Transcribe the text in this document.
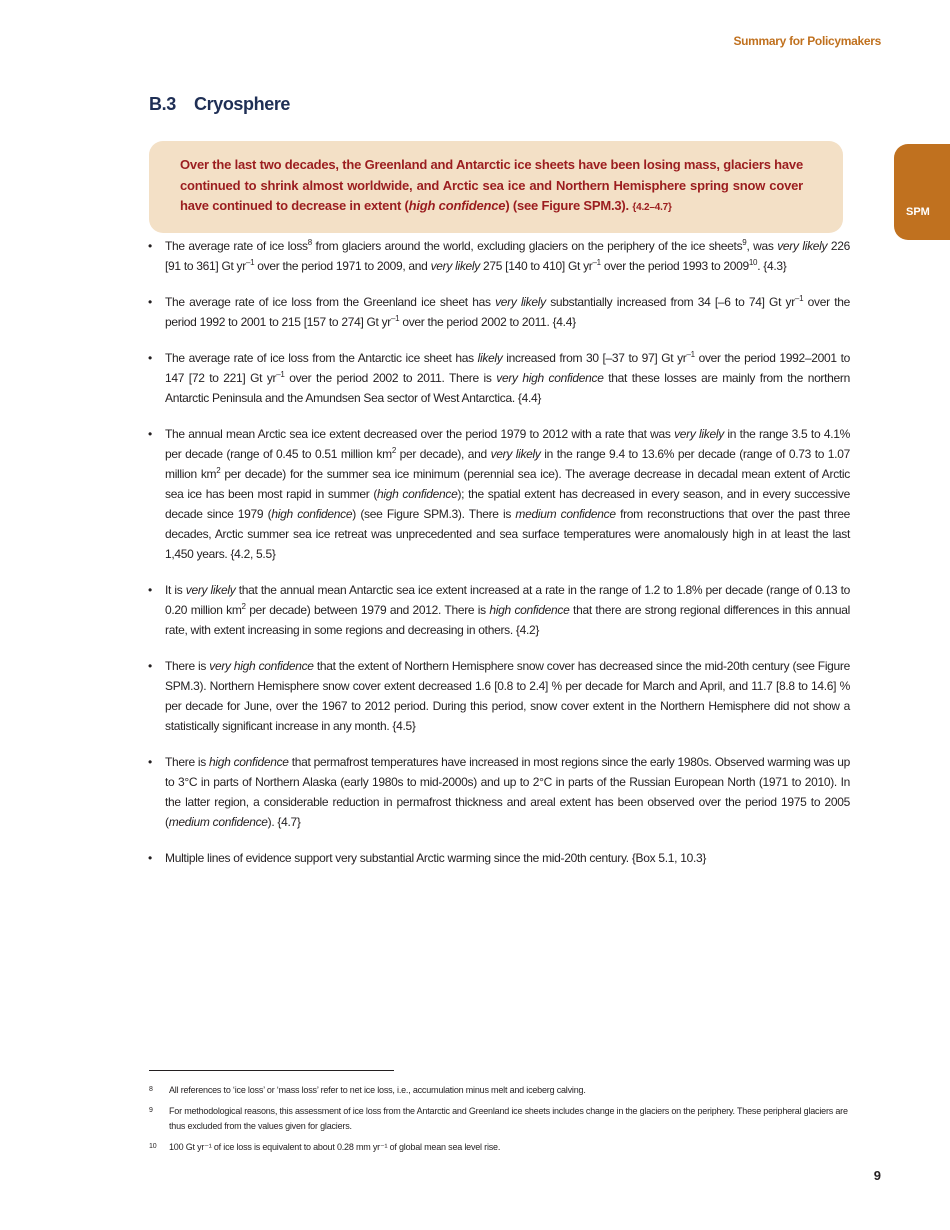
Summary for Policymakers
SPM
B.3 Cryosphere
Over the last two decades, the Greenland and Antarctic ice sheets have been losing mass, glaciers have continued to shrink almost worldwide, and Arctic sea ice and Northern Hemisphere spring snow cover have continued to decrease in extent (high confidence) (see Figure SPM.3). {4.2–4.7}
• The average rate of ice loss$^8$ from glaciers around the world, excluding glaciers on the periphery of the ice sheets$^9$, was very likely 226 [91 to 361] Gt $yr^{-1}$ over the period 1971 to 2009, and very likely 275 [140 to 410] Gt $yr^{-1}$ over the period 1993 to 2009$^{10}$. {4.3}
• The average rate of ice loss from the Greenland ice sheet has very likely substantially increased from 34 [–6 to 74] Gt $yr^{-1}$ over the period 1992 to 2001 to 215 [157 to 274] Gt $yr^{-1}$ over the period 2002 to 2011. {4.4}
• The average rate of ice loss from the Antarctic ice sheet has likely increased from 30 [–37 to 97] Gt $yr^{-1}$ over the period 1992–2001 to 147 [72 to 221] Gt $yr^{-1}$ over the period 2002 to 2011. There is very high confidence that these losses are mainly from the northern Antarctic Peninsula and the Amundsen Sea sector of West Antarctica. {4.4}
• The annual mean Arctic sea ice extent decreased over the period 1979 to 2012 with a rate that was very likely in the range 3.5 to 4.1% per decade (range of 0.45 to 0.51 million $km^2$ per decade), and very likely in the range 9.4 to 13.6% per decade (range of 0.73 to 1.07 million $km^2$ per decade) for the summer sea ice minimum (perennial sea ice). The average decrease in decadal mean extent of Arctic sea ice has been most rapid in summer (high confidence); the spatial extent has decreased in every season, and in every successive decade since 1979 (high confidence) (see Figure SPM.3). There is medium confidence from reconstructions that over the past three decades, Arctic summer sea ice retreat was unprecedented and sea surface temperatures were anomalously high in at least the last 1,450 years. {4.2, 5.5}
• It is very likely that the annual mean Antarctic sea ice extent increased at a rate in the range of 1.2 to 1.8% per decade (range of 0.13 to 0.20 million $km^2$ per decade) between 1979 and 2012. There is high confidence that there are strong regional differences in this annual rate, with extent increasing in some regions and decreasing in others. {4.2}
• There is very high confidence that the extent of Northern Hemisphere snow cover has decreased since the mid-20th century (see Figure SPM.3). Northern Hemisphere snow cover extent decreased 1.6 [0.8 to 2.4] % per decade for March and April, and 11.7 [8.8 to 14.6] % per decade for June, over the 1967 to 2012 period. During this period, snow cover extent in the Northern Hemisphere did not show a statistically significant increase in any month. {4.5}
• There is high confidence that permafrost temperatures have increased in most regions since the early 1980s. Observed warming was up to 3°C in parts of Northern Alaska (early 1980s to mid-2000s) and up to 2°C in parts of the Russian European North (1971 to 2010). In the latter region, a considerable reduction in permafrost thickness and areal extent has been observed over the period 1975 to 2005 (medium confidence). {4.7}
• Multiple lines of evidence support very substantial Arctic warming since the mid-20th century. {Box 5.1, 10.3}
8 All references to ‘ice loss’ or ‘mass loss’ refer to net ice loss, i.e., accumulation minus melt and iceberg calving.
9 For methodological reasons, this assessment of ice loss from the Antarctic and Greenland ice sheets includes change in the glaciers on the periphery. These peripheral glaciers are thus excluded from the values given for glaciers.
10 100 Gt yr⁻¹ of ice loss is equivalent to about 0.28 mm yr⁻¹ of global mean sea level rise.
9
